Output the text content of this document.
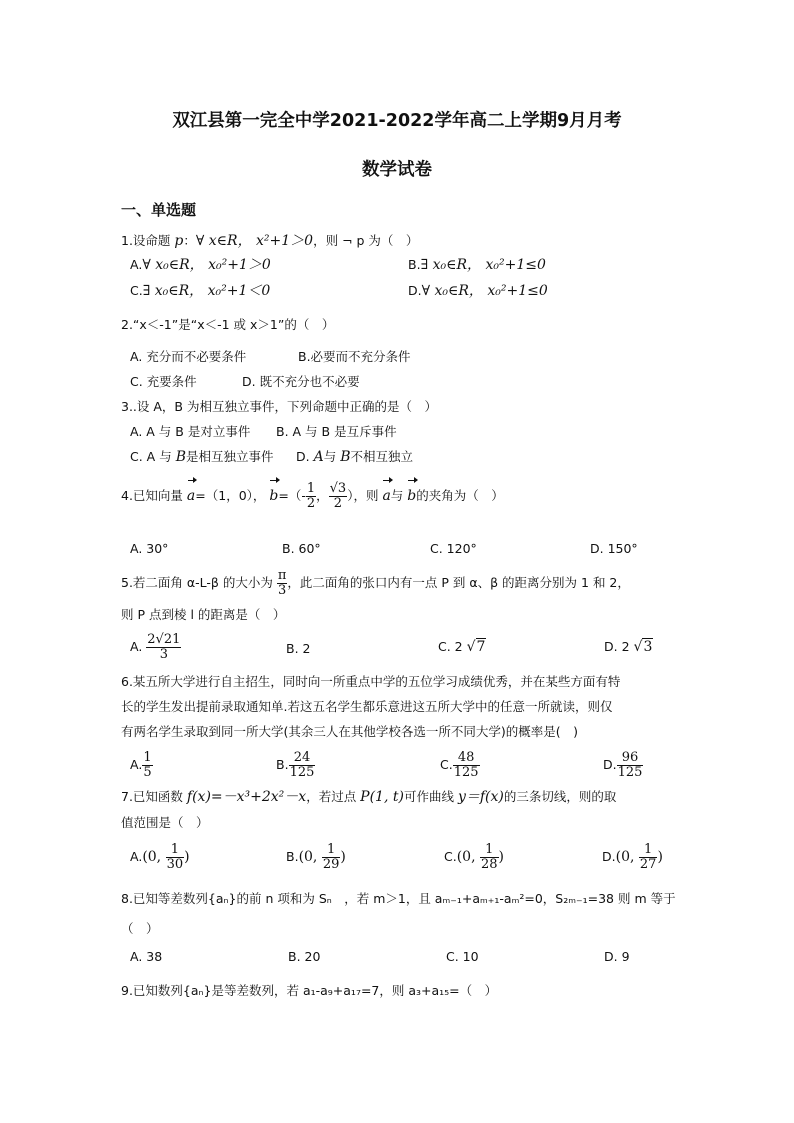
双江县第一完全中学2021-2022学年高二上学期9月月考
数学试卷
一、单选题
1.设命题 p：∀ x∈R， x²+1＞0，则 ¬ p 为（　）
A.∀ x₀∈R， x₀²+1＞0	B.∃ x₀∈R， x₀²+1≤0
C.∃ x₀∈R， x₀²+1＜0	D.∀ x₀∈R， x₀²+1≤0
2.“x＜-1”是“x＜-1 或 x＞1”的（　）
A. 充分而不必要条件	B.必要而不充分条件
C. 充要条件	D. 既不充分也不必要
3..设 A，B 为相互独立事件，下列命题中正确的是（　）
A. A 与 B 是对立事件 B. A 与 B 是互斥事件
C. A 与 B是相互独立事件 D. A与 B不相互独立
4.已知向量 a=（1，0）， $b=(- \frac{1}{2}$ ， $\frac{√3}{2}$ ），则 a与 b的夹角为（　）
A. 30°	B. 60°	C. 120°	D. 150°
5.若二面角 α-L-β 的大小为 $\frac{\pi}{3}$ ，此二面角的张口内有一点 P 到 α、β 的距离分别为 1 和 2，
则 P 点到棱 l 的距离是（　）
A. $\frac{2√21}{3}$	B. 2	C. 2 √7	D. 2 √3
6.某五所大学进行自主招生，同时向一所重点中学的五位学习成绩优秀，并在某些方面有特
长的学生发出提前录取通知单.若这五名学生都乐意进这五所大学中的任意一所就读，则仅
有两名学生录取到同一所大学(其余三人在其他学校各选一所不同大学)的概率是(　)
A. $\frac{1}{5}$	B. $\frac{24}{125}$	C. $\frac{48}{125}$	D. $\frac{96}{125}$
7.已知函数 f(x)=－x³+2x²－x，若过点 P(1, t)可作曲线 y＝f(x)的三条切线，则的取
值范围是（　）
A.(0, $\frac{1}{30}$ )	B.(0, $\frac{1}{29}$ )	C.(0, $\frac{1}{28}$ )	D.(0, $\frac{1}{27}$ )
8.已知等差数列{aₙ}的前 n 项和为 Sₙ　，若 m＞1，且 aₘ₋₁+aₘ₊₁-aₘ²=0，S₂ₘ₋₁=38 则 m 等于
（　）
A. 38	B. 20	C. 10	D. 9
9.已知数列{aₙ}是等差数列，若 a₁-a₉+a₁₇=7，则 a₃+a₁₅=（　）
